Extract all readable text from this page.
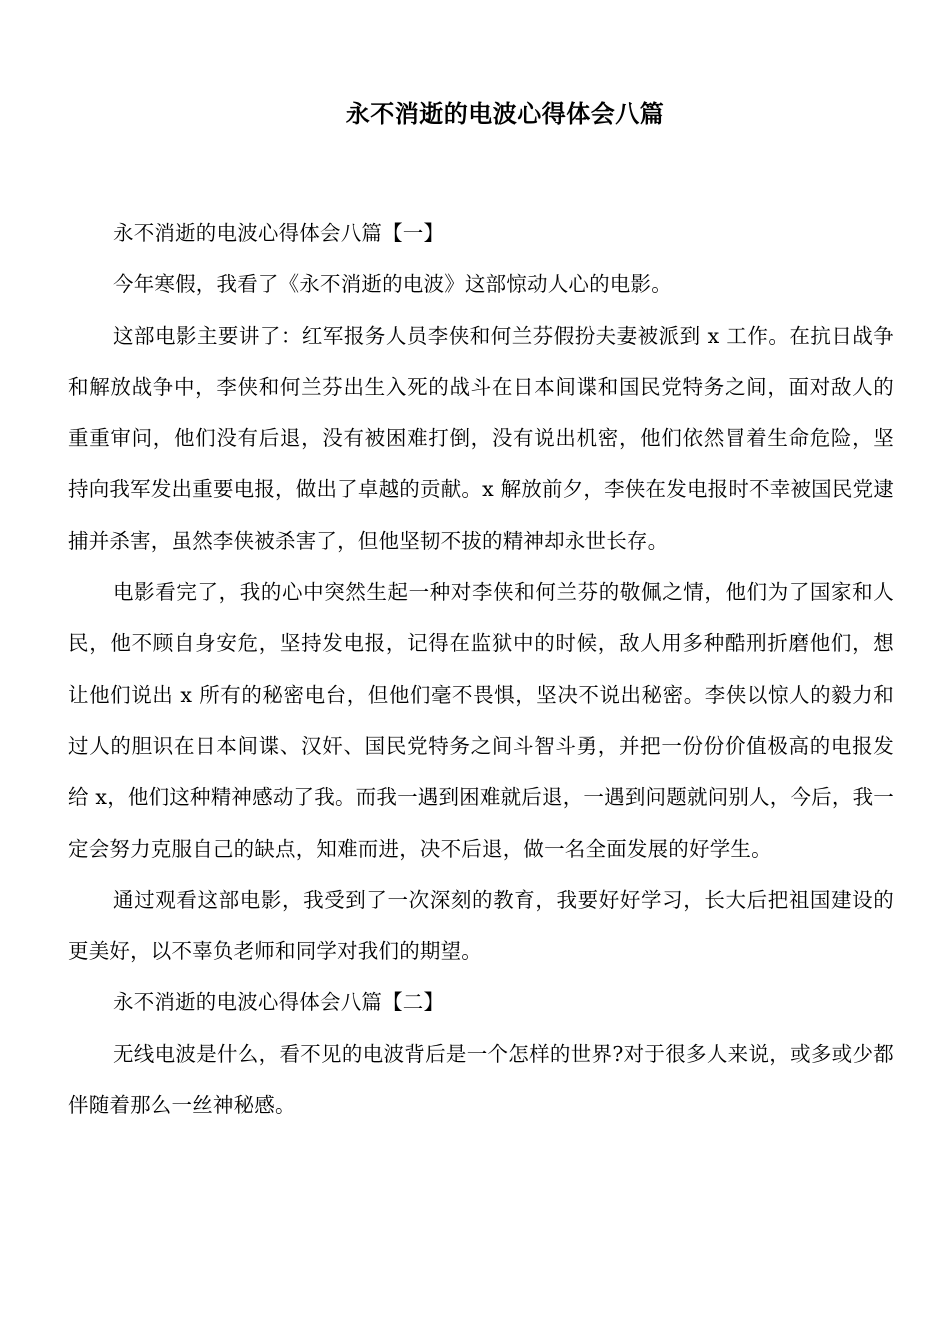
永不消逝的电波心得体会八篇

永不消逝的电波心得体会八篇【一】

今年寒假，我看了《永不消逝的电波》这部惊动人心的电影。

这部电影主要讲了：红军报务人员李侠和何兰芬假扮夫妻被派到 x 工作。在抗日战争和解放战争中，李侠和何兰芬出生入死的战斗在日本间谍和国民党特务之间，面对敌人的重重审问，他们没有后退，没有被困难打倒，没有说出机密，他们依然冒着生命危险，坚持向我军发出重要电报，做出了卓越的贡献。x 解放前夕，李侠在发电报时不幸被国民党逮捕并杀害，虽然李侠被杀害了，但他坚韧不拔的精神却永世长存。

电影看完了，我的心中突然生起一种对李侠和何兰芬的敬佩之情，他们为了国家和人民，他不顾自身安危，坚持发电报，记得在监狱中的时候，敌人用多种酷刑折磨他们，想让他们说出 x 所有的秘密电台，但他们毫不畏惧，坚决不说出秘密。李侠以惊人的毅力和过人的胆识在日本间谍、汉奸、国民党特务之间斗智斗勇，并把一份份价值极高的电报发给 x，他们这种精神感动了我。而我一遇到困难就后退，一遇到问题就问别人，今后，我一定会努力克服自己的缺点，知难而进，决不后退，做一名全面发展的好学生。

通过观看这部电影，我受到了一次深刻的教育，我要好好学习，长大后把祖国建设的更美好，以不辜负老师和同学对我们的期望。

永不消逝的电波心得体会八篇【二】

无线电波是什么，看不见的电波背后是一个怎样的世界?对于很多人来说，或多或少都伴随着那么一丝神秘感。
